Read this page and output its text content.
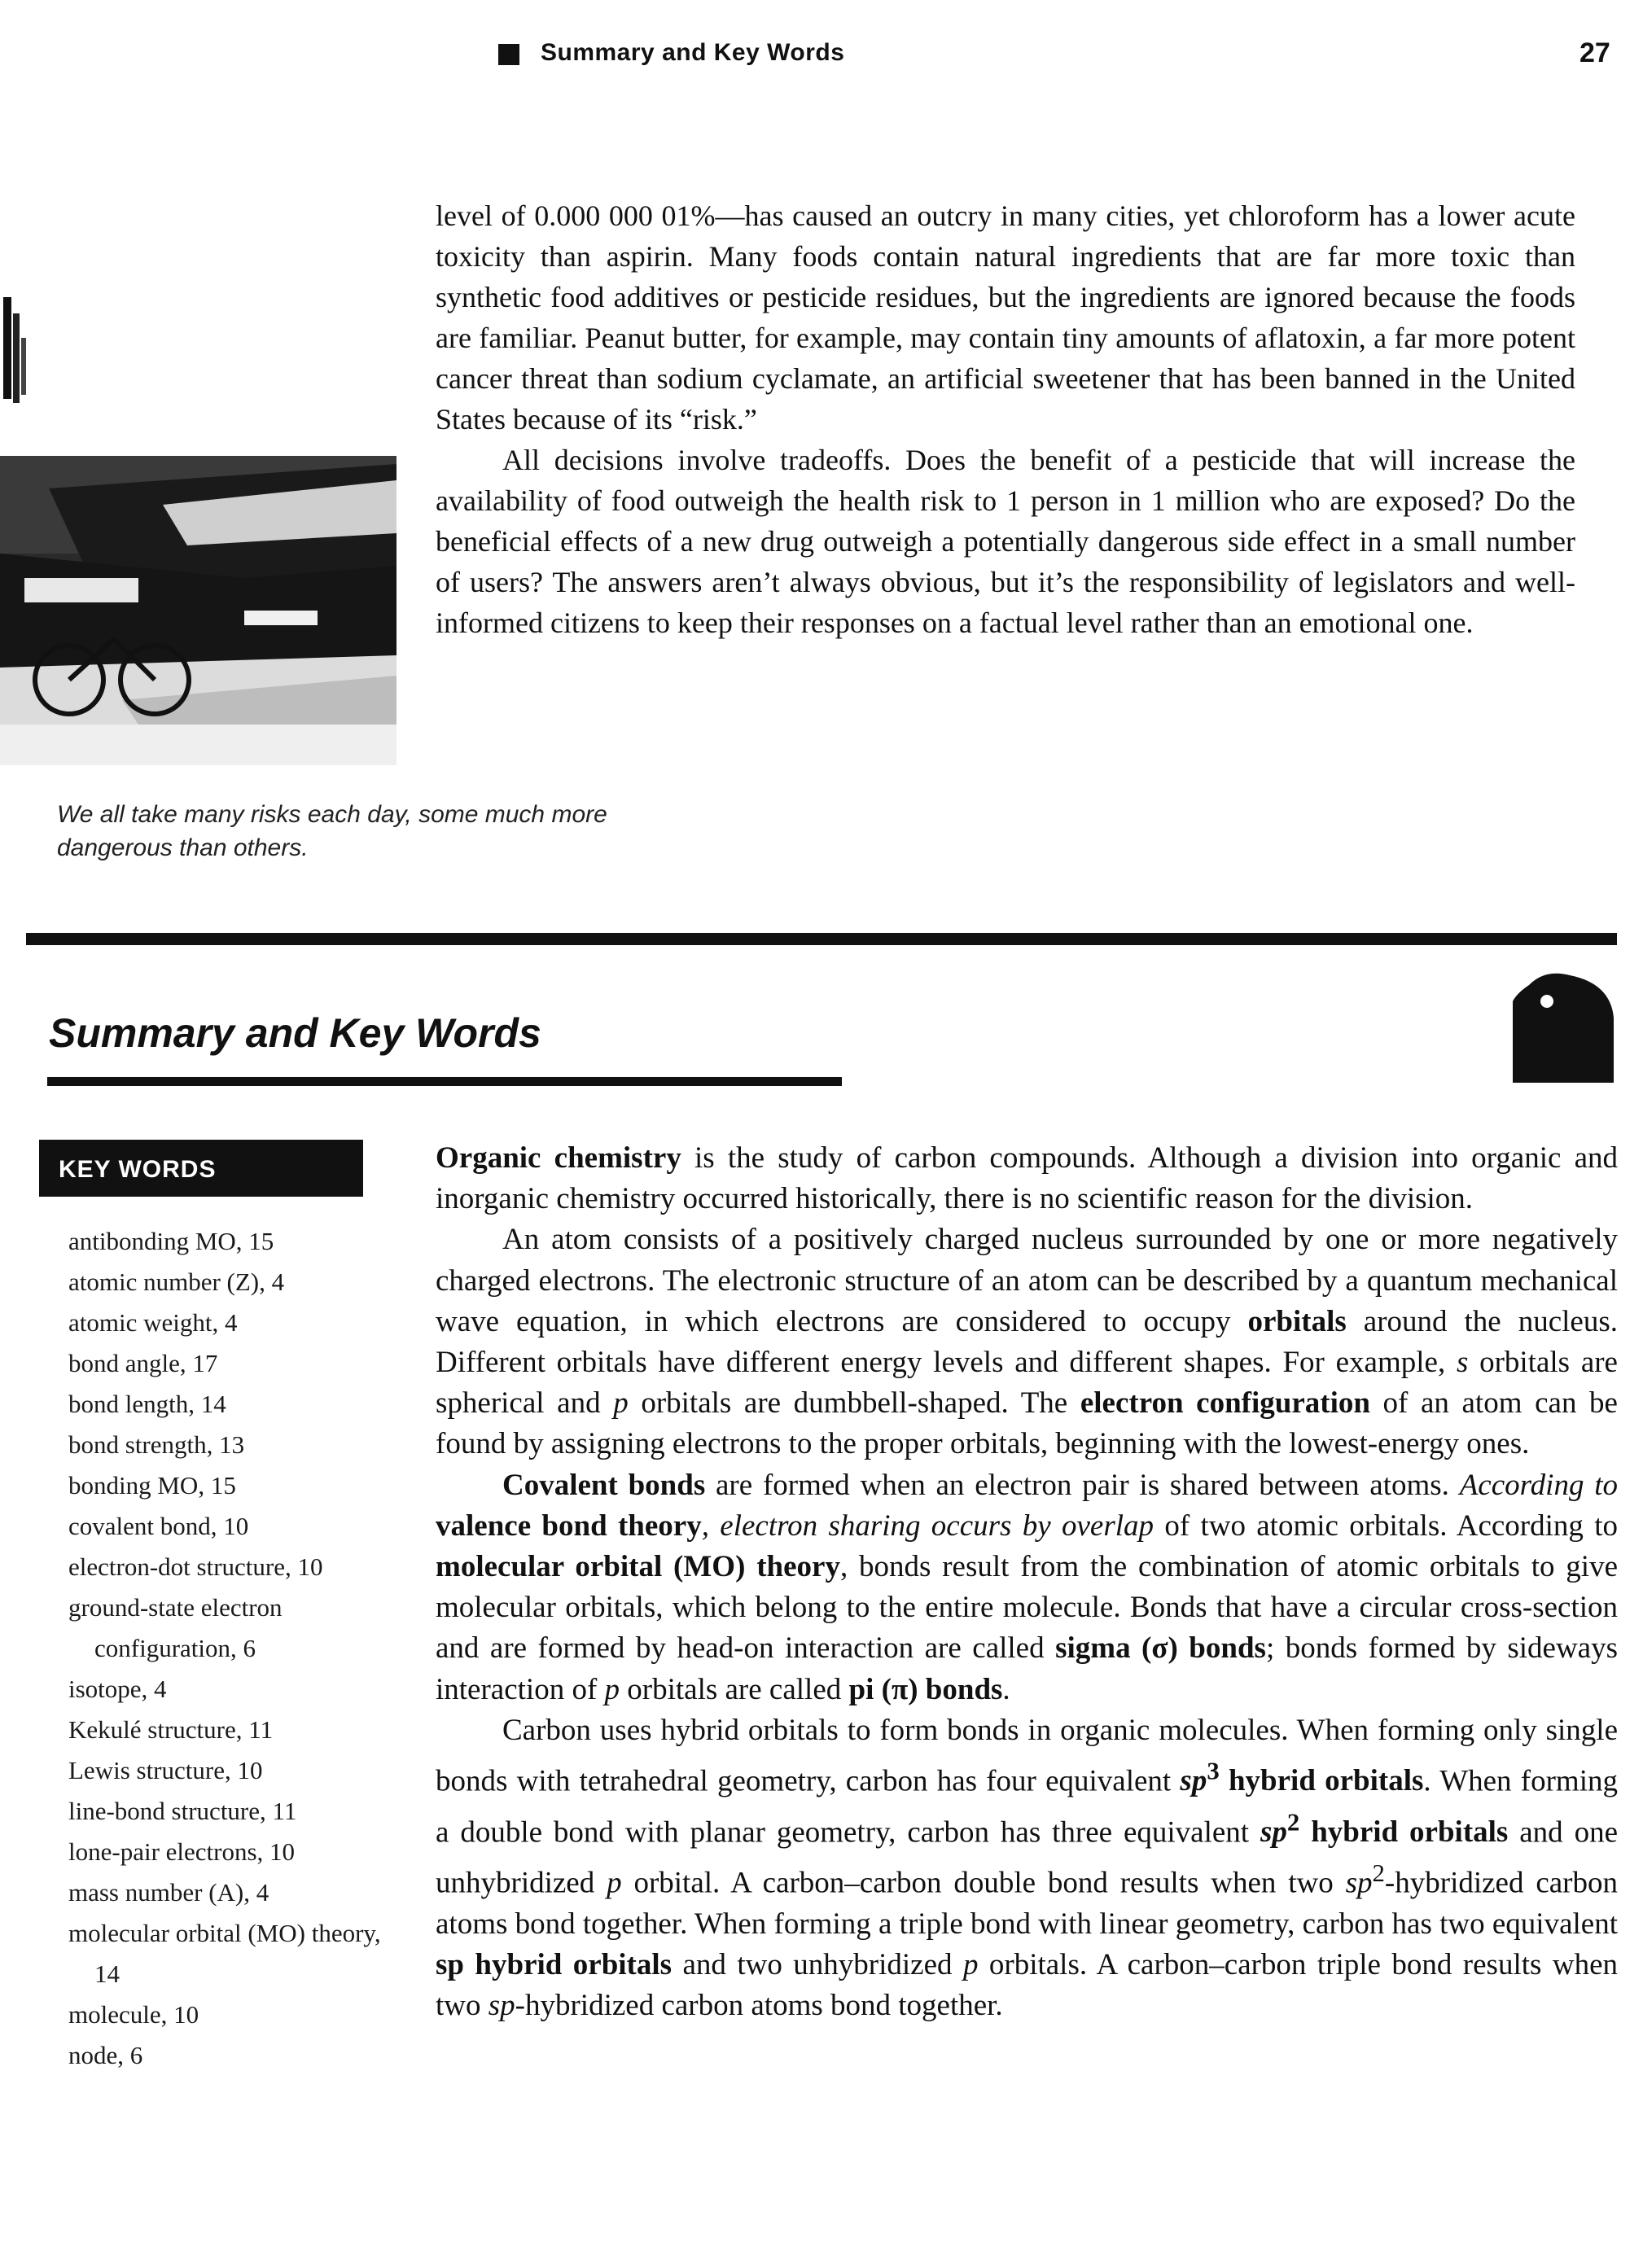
Summary and Key Words	27
We all take many risks each day, some much more dangerous than others.

level of 0.000 000 01%—has caused an outcry in many cities, yet chloroform has a lower acute toxicity than aspirin. Many foods contain natural ingredients that are far more toxic than synthetic food additives or pesticide residues, but the ingredients are ignored because the foods are familiar. Peanut butter, for example, may contain tiny amounts of aflatoxin, a far more potent cancer threat than sodium cyclamate, an artificial sweetener that has been banned in the United States because of its “risk.”

All decisions involve tradeoffs. Does the benefit of a pesticide that will increase the availability of food outweigh the health risk to 1 person in 1 million who are exposed? Do the beneficial effects of a new drug outweigh a potentially dangerous side effect in a small number of users? The answers aren’t always obvious, but it’s the responsibility of legislators and well-informed citizens to keep their responses on a factual level rather than an emotional one.

Summary and Key Words
KEY WORDS
antibonding MO, 15
atomic number (Z), 4
atomic weight, 4
bond angle, 17
bond length, 14
bond strength, 13
bonding MO, 15
covalent bond, 10
electron-dot structure, 10
ground-state electron configuration, 6
isotope, 4
Kekulé structure, 11
Lewis structure, 10
line-bond structure, 11
lone-pair electrons, 10
mass number (A), 4
molecular orbital (MO) theory, 14
molecule, 10
node, 6

Organic chemistry is the study of carbon compounds. Although a division into organic and inorganic chemistry occurred historically, there is no scientific reason for the division.

An atom consists of a positively charged nucleus surrounded by one or more negatively charged electrons. The electronic structure of an atom can be described by a quantum mechanical wave equation, in which electrons are considered to occupy orbitals around the nucleus. Different orbitals have different energy levels and different shapes. For example, s orbitals are spherical and p orbitals are dumbbell-shaped. The electron configuration of an atom can be found by assigning electrons to the proper orbitals, beginning with the lowest-energy ones.

Covalent bonds are formed when an electron pair is shared between atoms. According to valence bond theory, electron sharing occurs by overlap of two atomic orbitals. According to molecular orbital (MO) theory, bonds result from the combination of atomic orbitals to give molecular orbitals, which belong to the entire molecule. Bonds that have a circular cross-section and are formed by head-on interaction are called sigma (σ) bonds; bonds formed by sideways interaction of p orbitals are called pi (π) bonds.

Carbon uses hybrid orbitals to form bonds in organic molecules. When forming only single bonds with tetrahedral geometry, carbon has four equivalent $sp^3$ hybrid orbitals. When forming a double bond with planar geometry, carbon has three equivalent $sp^2$ hybrid orbitals and one unhybridized p orbital. A carbon–carbon double bond results when two $sp^2$-hybridized carbon atoms bond together. When forming a triple bond with linear geometry, carbon has two equivalent sp hybrid orbitals and two unhybridized p orbitals. A carbon–carbon triple bond results when two sp-hybridized carbon atoms bond together.
